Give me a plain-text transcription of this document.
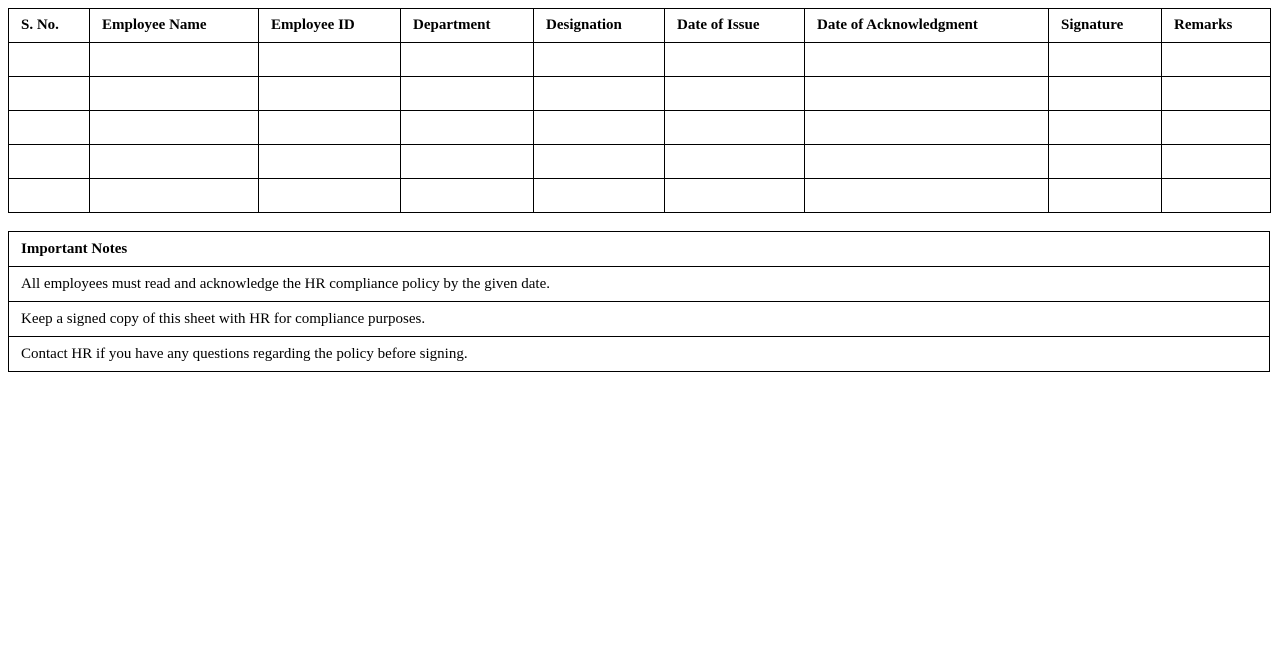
S. No.	Employee Name	Employee ID	Department	Designation	Date of Issue	Date of Acknowledgment	Signature	Remarks

Important Notes
All employees must read and acknowledge the HR compliance policy by the given date.
Keep a signed copy of this sheet with HR for compliance purposes.
Contact HR if you have any questions regarding the policy before signing.
